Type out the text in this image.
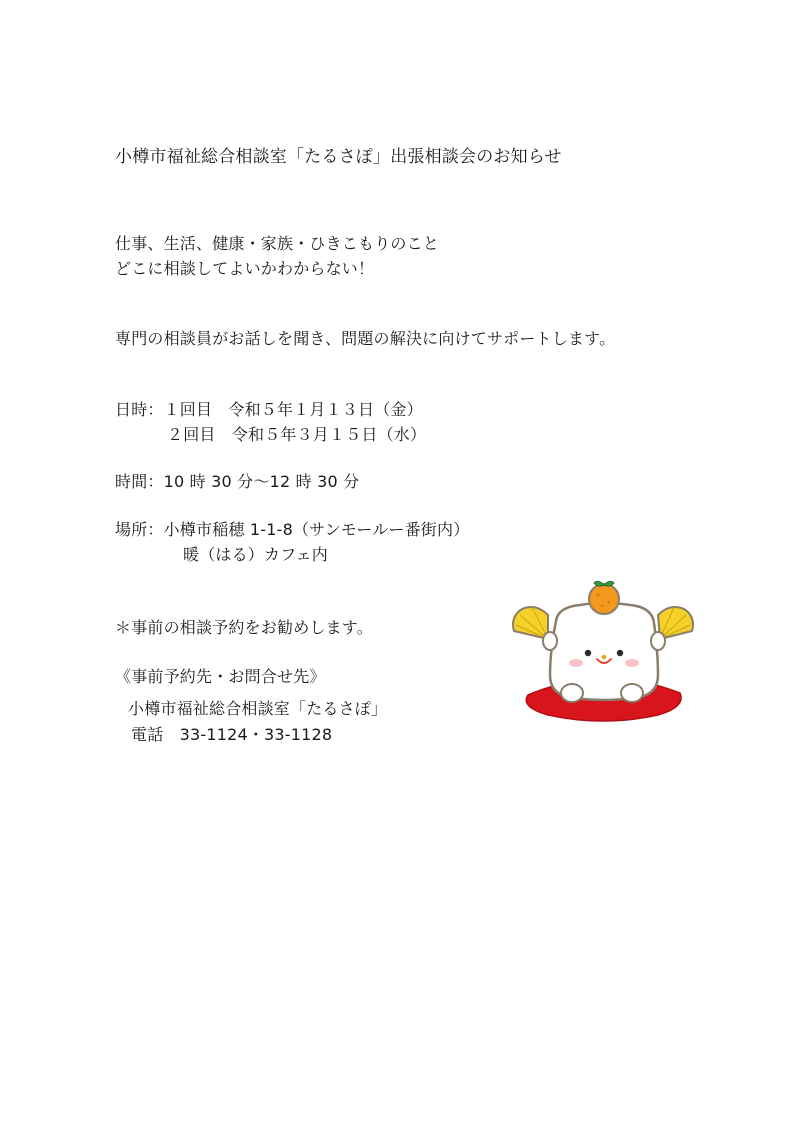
小樽市福祉総合相談室「たるさぽ」出張相談会のお知らせ
仕事、生活、健康・家族・ひきこもりのこと
どこに相談してよいかわからない！
専門の相談員がお話しを聞き、問題の解決に向けてサポートします。
日時：１回目　令和５年１月１３日（金）
２回目　令和５年３月１５日（水）
時間：10 時 30 分～12 時 30 分
場所：小樽市稲穂 1-1-8（サンモールー番街内）
暖（はる）カフェ内
＊事前の相談予約をお勧めします。
《事前予約先・お問合せ先》
小樽市福祉総合相談室「たるさぽ」
電話　33-1124・33-1128
